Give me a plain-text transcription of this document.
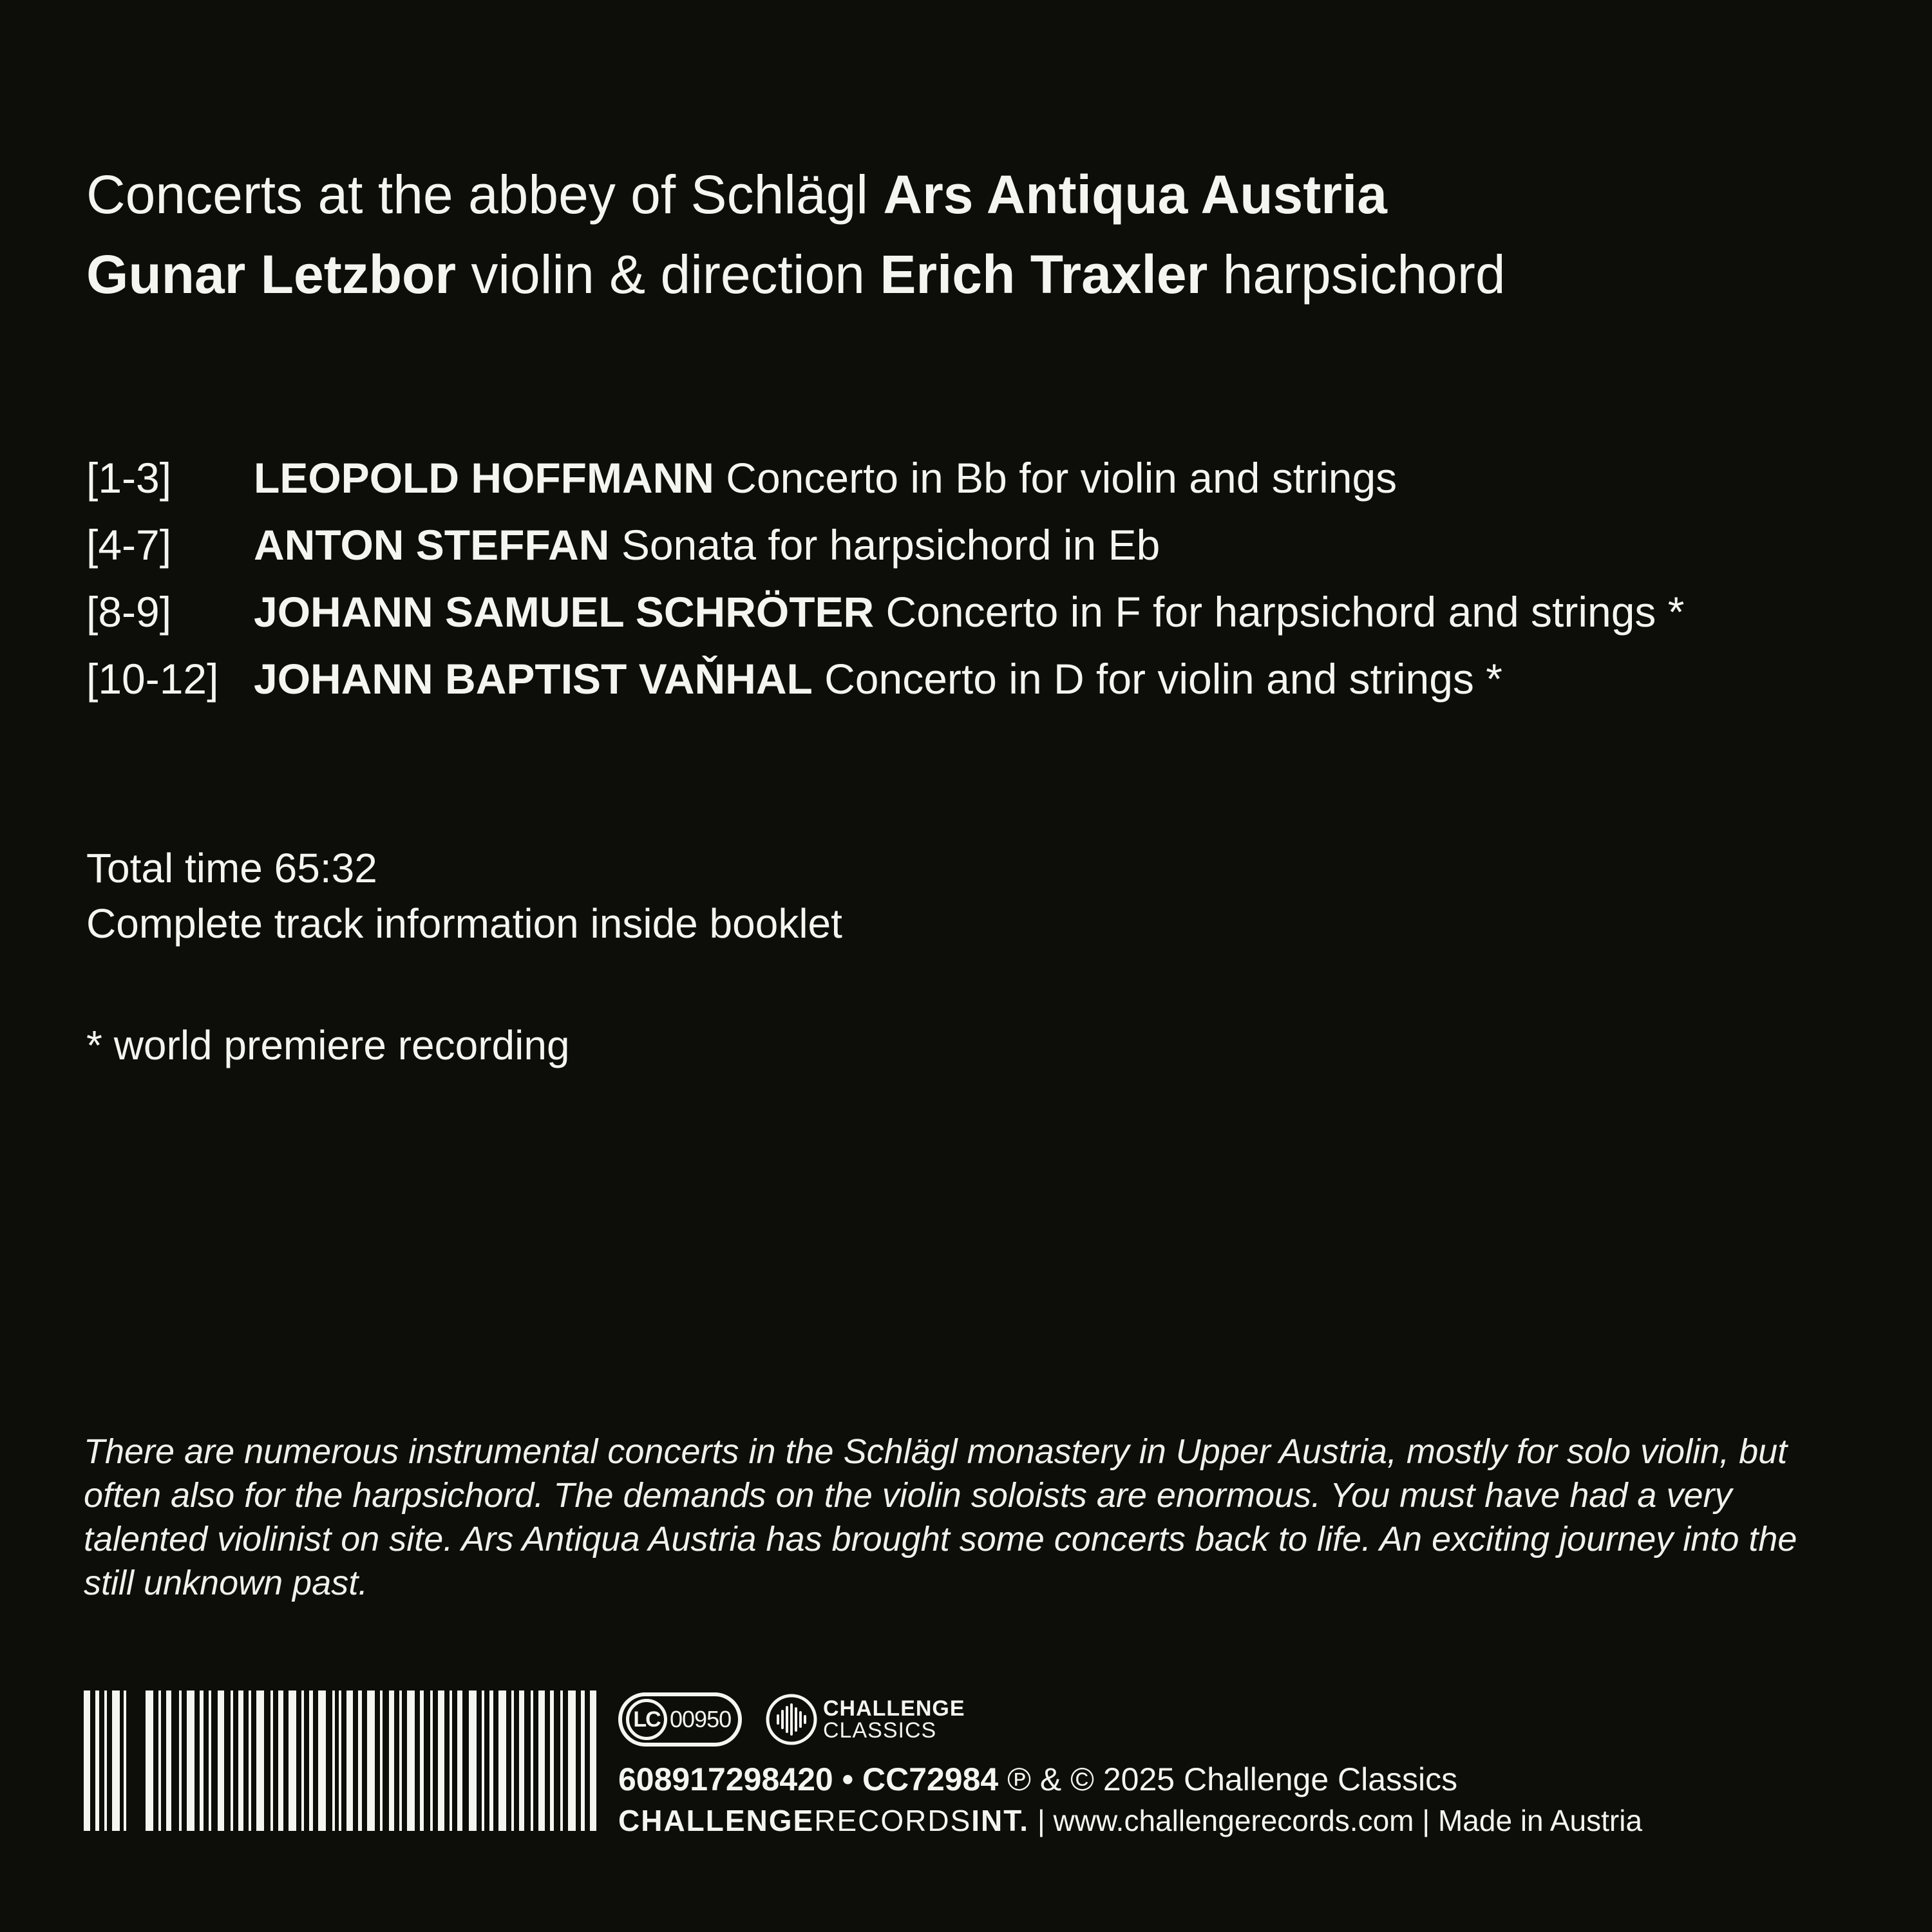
Concerts at the abbey of Schlägl Ars Antiqua Austria
Gunar Letzbor violin & direction Erich Traxler harpsichord
[1-3]	LEOPOLD HOFFMANN Concerto in Bb for violin and strings
[4-7]	ANTON STEFFAN Sonata for harpsichord in Eb
[8-9]	JOHANN SAMUEL SCHRÖTER Concerto in F for harpsichord and strings *
[10-12] JOHANN BAPTIST VAŇHAL Concerto in D for violin and strings *
Total time 65:32
Complete track information inside booklet
* world premiere recording
There are numerous instrumental concerts in the Schlägl monastery in Upper Austria, mostly for solo violin, but often also for the harpsichord. The demands on the violin soloists are enormous. You must have had a very talented violinist on site. Ars Antiqua Austria has brought some concerts back to life. An exciting journey into the still unknown past.
LC 00950	CHALLENGE
CLASSICS
608917298420 • CC72984 ℗ & © 2025 Challenge Classics
CHALLENGERECORDSINT. | www.challengerecords.com | Made in Austria
